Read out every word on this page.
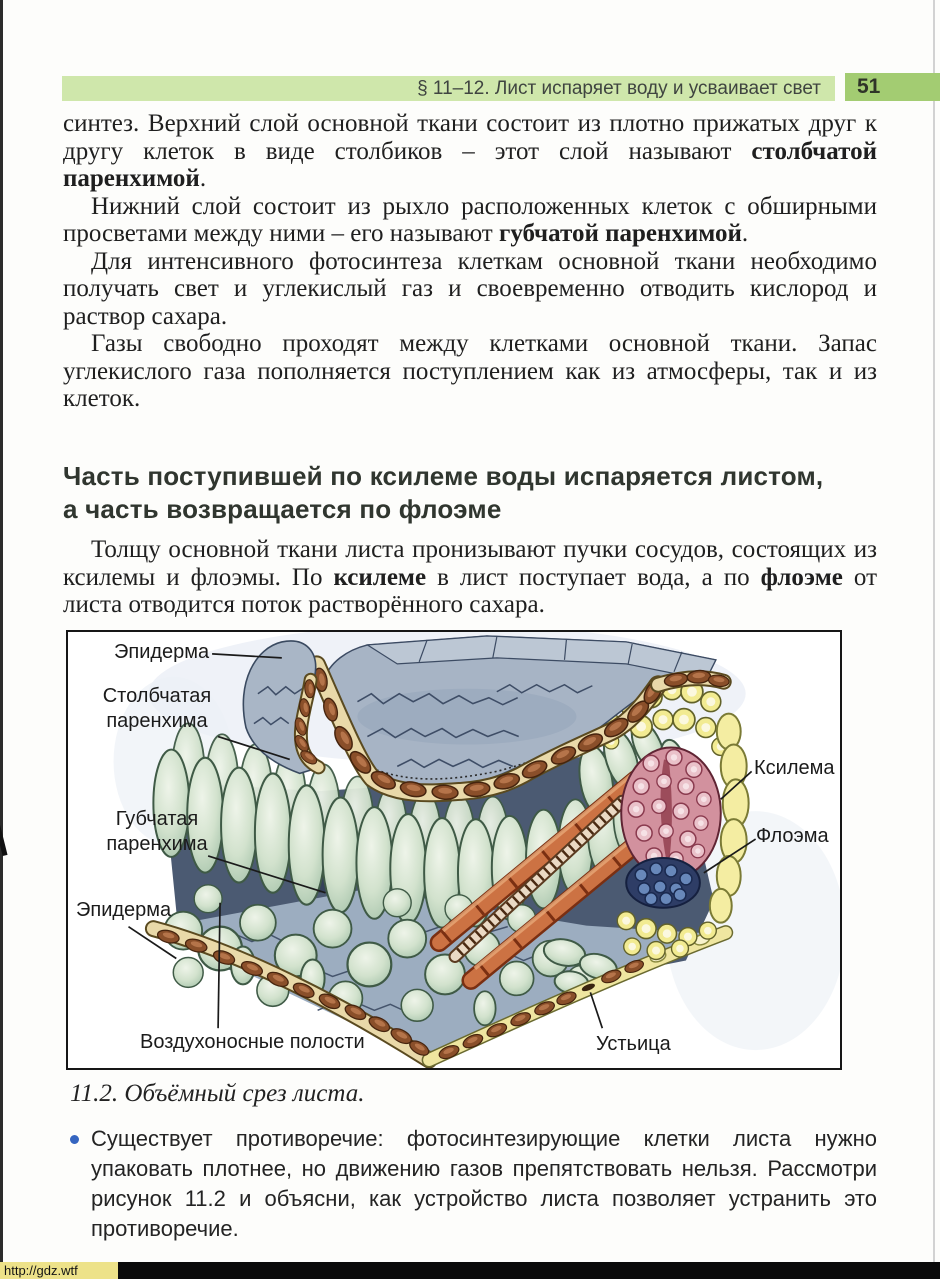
§ 11–12. Лист испаряет воду и усваивает свет 51

синтез. Верхний слой основной ткани состоит из плотно прижатых друг к другу клеток в виде столбиков – этот слой называют столбчатой паренхимой.

Нижний слой состоит из рыхло расположенных клеток с обширными просветами между ними – его называют губчатой паренхимой.

Для интенсивного фотосинтеза клеткам основной ткани необходимо получать свет и углекислый газ и своевременно отводить кислород и раствор сахара.

Газы свободно проходят между клетками основной ткани. Запас углекислого газа пополняется поступлением как из атмосферы, так и из клеток.

Часть поступившей по ксилеме воды испаряется листом,
а часть возвращается по флоэме

Толщу основной ткани листа пронизывают пучки сосудов, состоящих из ксилемы и флоэмы. По ксилеме в лист поступает вода, а по флоэме от листа отводится поток растворённого сахара.

Эпидерма
Столбчатая паренхима
Губчатая паренхима
Эпидерма
Воздухоносные полости	Устьица
Ксилема
Флоэма
11.2. Объёмный срез листа.

Существует противоречие: фотосинтезирующие клетки листа нужно упаковать плотнее, но движению газов препятствовать нельзя. Рассмотри рисунок 11.2 и объясни, как устройство листа позволяет устранить это противоречие.

http://gdz.wtf
